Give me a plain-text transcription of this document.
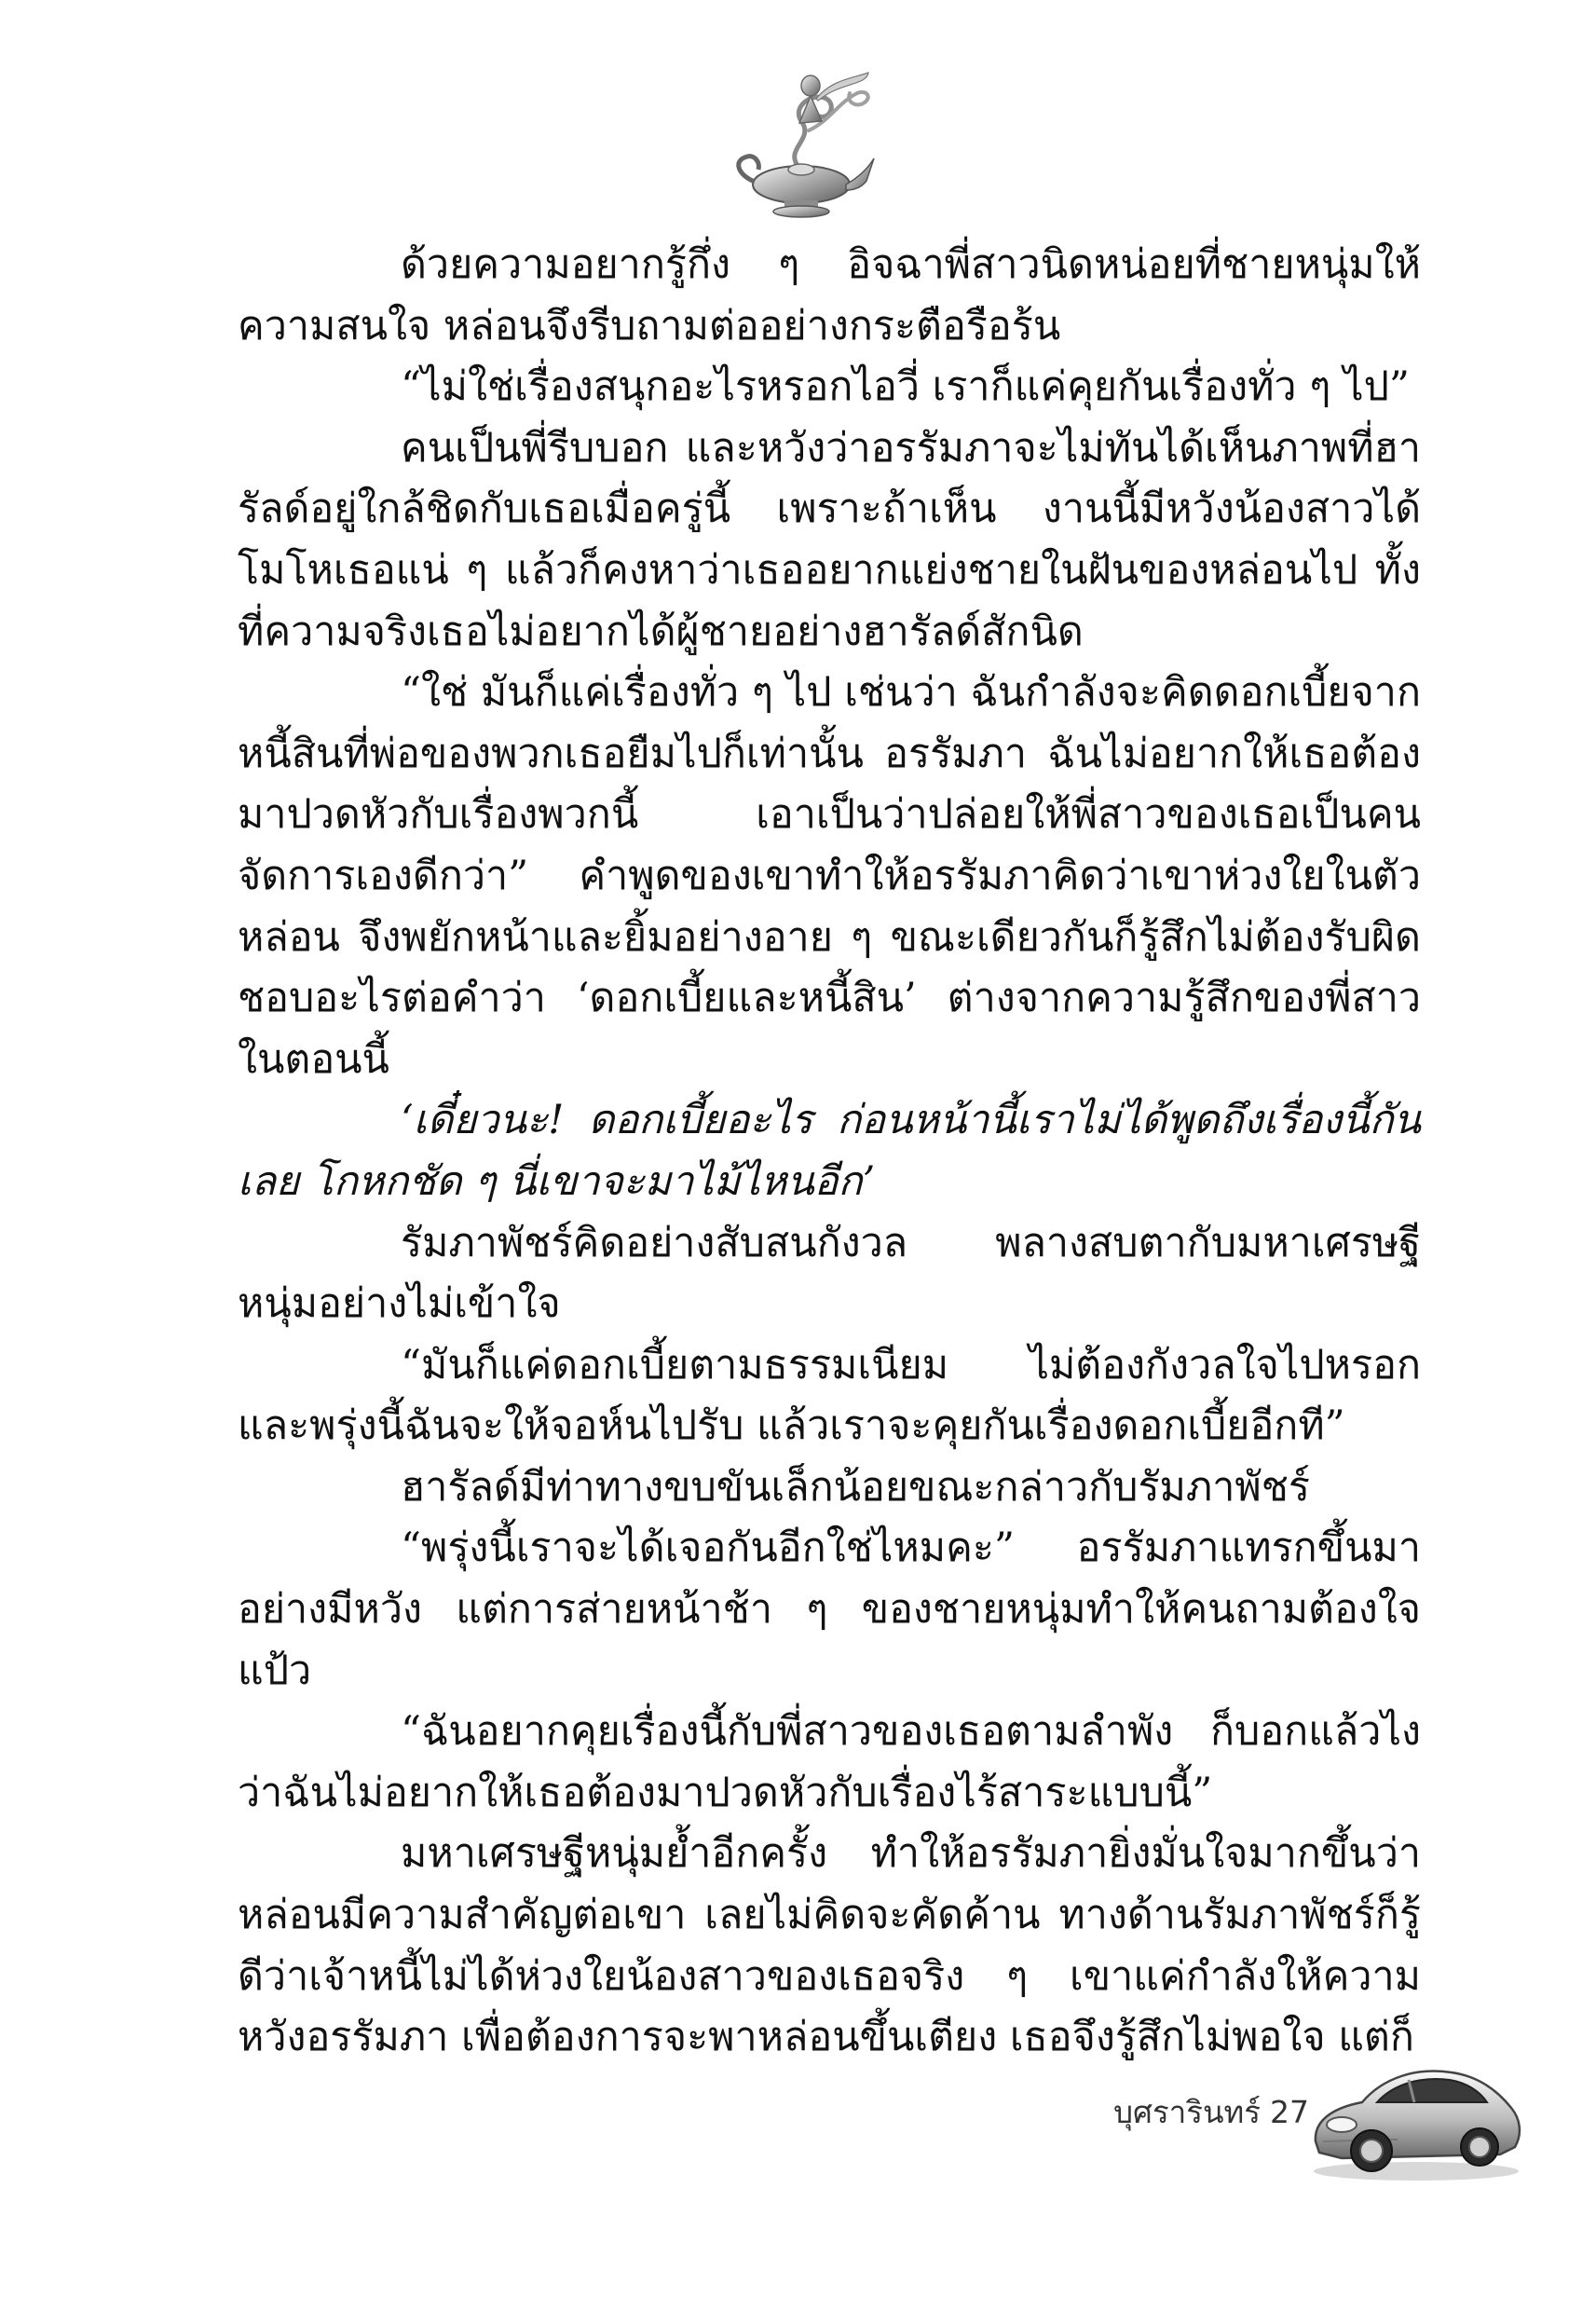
ด้วยความอยากรู้กึ่ง ๆ อิจฉาพี่สาวนิดหน่อยที่ชายหนุ่มให้ความสนใจ หล่อนจึงรีบถามต่ออย่างกระตือรือร้น

“ไม่ใช่เรื่องสนุกอะไรหรอกไอวี่ เราก็แค่คุยกันเรื่องทั่ว ๆ ไป”

คนเป็นพี่รีบบอก และหวังว่าอรรัมภาจะไม่ทันได้เห็นภาพที่ฮารัลด์อยู่ใกล้ชิดกับเธอเมื่อครู่นี้ เพราะถ้าเห็น งานนี้มีหวังน้องสาวได้โมโหเธอแน่ ๆ แล้วก็คงหาว่าเธออยากแย่งชายในฝันของหล่อนไป ทั้งที่ความจริงเธอไม่อยากได้ผู้ชายอย่างฮารัลด์สักนิด

“ใช่ มันก็แค่เรื่องทั่ว ๆ ไป เช่นว่า ฉันกำลังจะคิดดอกเบี้ยจากหนี้สินที่พ่อของพวกเธอยืมไปก็เท่านั้น อรรัมภา ฉันไม่อยากให้เธอต้องมาปวดหัวกับเรื่องพวกนี้ เอาเป็นว่าปล่อยให้พี่สาวของเธอเป็นคนจัดการเองดีกว่า” คำพูดของเขาทำให้อรรัมภาคิดว่าเขาห่วงใยในตัวหล่อน จึงพยักหน้าและยิ้มอย่างอาย ๆ ขณะเดียวกันก็รู้สึกไม่ต้องรับผิดชอบอะไรต่อคำว่า ‘ดอกเบี้ยและหนี้สิน’ ต่างจากความรู้สึกของพี่สาวในตอนนี้

‘เดี๋ยวนะ! ดอกเบี้ยอะไร ก่อนหน้านี้เราไม่ได้พูดถึงเรื่องนี้กันเลย โกหกชัด ๆ นี่เขาจะมาไม้ไหนอีก’

รัมภาพัชร์คิดอย่างสับสนกังวล พลางสบตากับมหาเศรษฐีหนุ่มอย่างไม่เข้าใจ

“มันก็แค่ดอกเบี้ยตามธรรมเนียม ไม่ต้องกังวลใจไปหรอก และพรุ่งนี้ฉันจะให้จอห์นไปรับ แล้วเราจะคุยกันเรื่องดอกเบี้ยอีกที”

ฮารัลด์มีท่าทางขบขันเล็กน้อยขณะกล่าวกับรัมภาพัชร์

“พรุ่งนี้เราจะได้เจอกันอีกใช่ไหมคะ” อรรัมภาแทรกขึ้นมาอย่างมีหวัง แต่การส่ายหน้าช้า ๆ ของชายหนุ่มทำให้คนถามต้องใจแป้ว

“ฉันอยากคุยเรื่องนี้กับพี่สาวของเธอตามลำพัง ก็บอกแล้วไงว่าฉันไม่อยากให้เธอต้องมาปวดหัวกับเรื่องไร้สาระแบบนี้”

มหาเศรษฐีหนุ่มย้ำอีกครั้ง ทำให้อรรัมภายิ่งมั่นใจมากขึ้นว่าหล่อนมีความสำคัญต่อเขา เลยไม่คิดจะคัดค้าน ทางด้านรัมภาพัชร์ก็รู้ดีว่าเจ้าหนี้ไม่ได้ห่วงใยน้องสาวของเธอจริง ๆ เขาแค่กำลังให้ความหวังอรรัมภา เพื่อต้องการจะพาหล่อนขึ้นเตียง เธอจึงรู้สึกไม่พอใจ แต่ก็

บุศรารินทร์ 27
